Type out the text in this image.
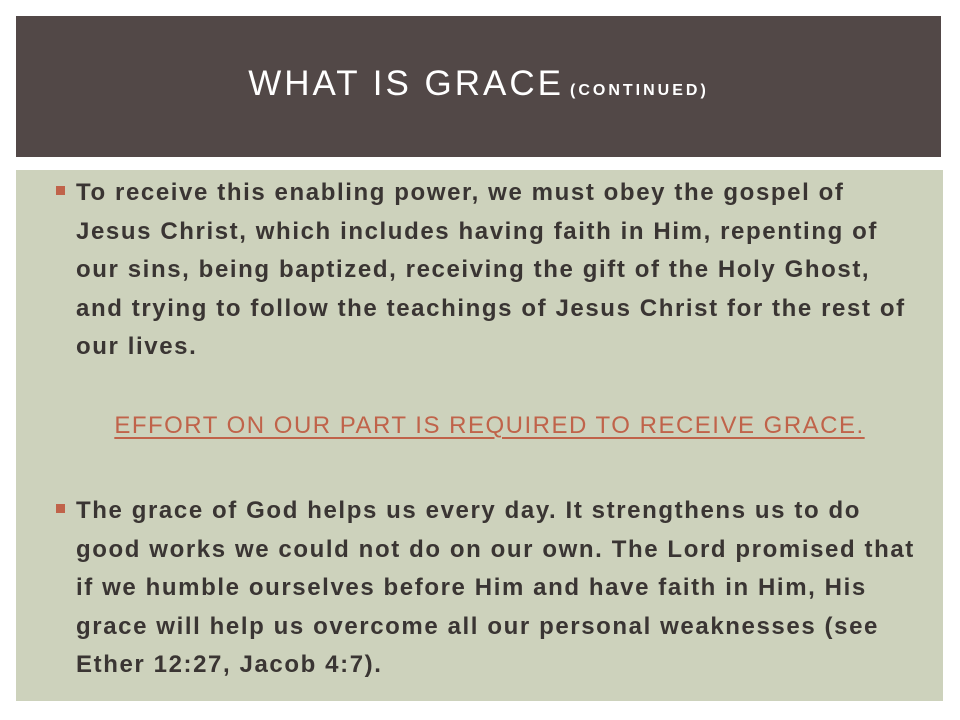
WHAT IS GRACE (CONTINUED)

To receive this enabling power, we must obey the gospel of Jesus Christ, which includes having faith in Him, repenting of our sins, being baptized, receiving the gift of the Holy Ghost, and trying to follow the teachings of Jesus Christ for the rest of our lives.

EFFORT ON OUR PART IS REQUIRED TO RECEIVE GRACE.

The grace of God helps us every day. It strengthens us to do good works we could not do on our own. The Lord promised that if we humble ourselves before Him and have faith in Him, His grace will help us overcome all our personal weaknesses (see Ether 12:27, Jacob 4:7).
